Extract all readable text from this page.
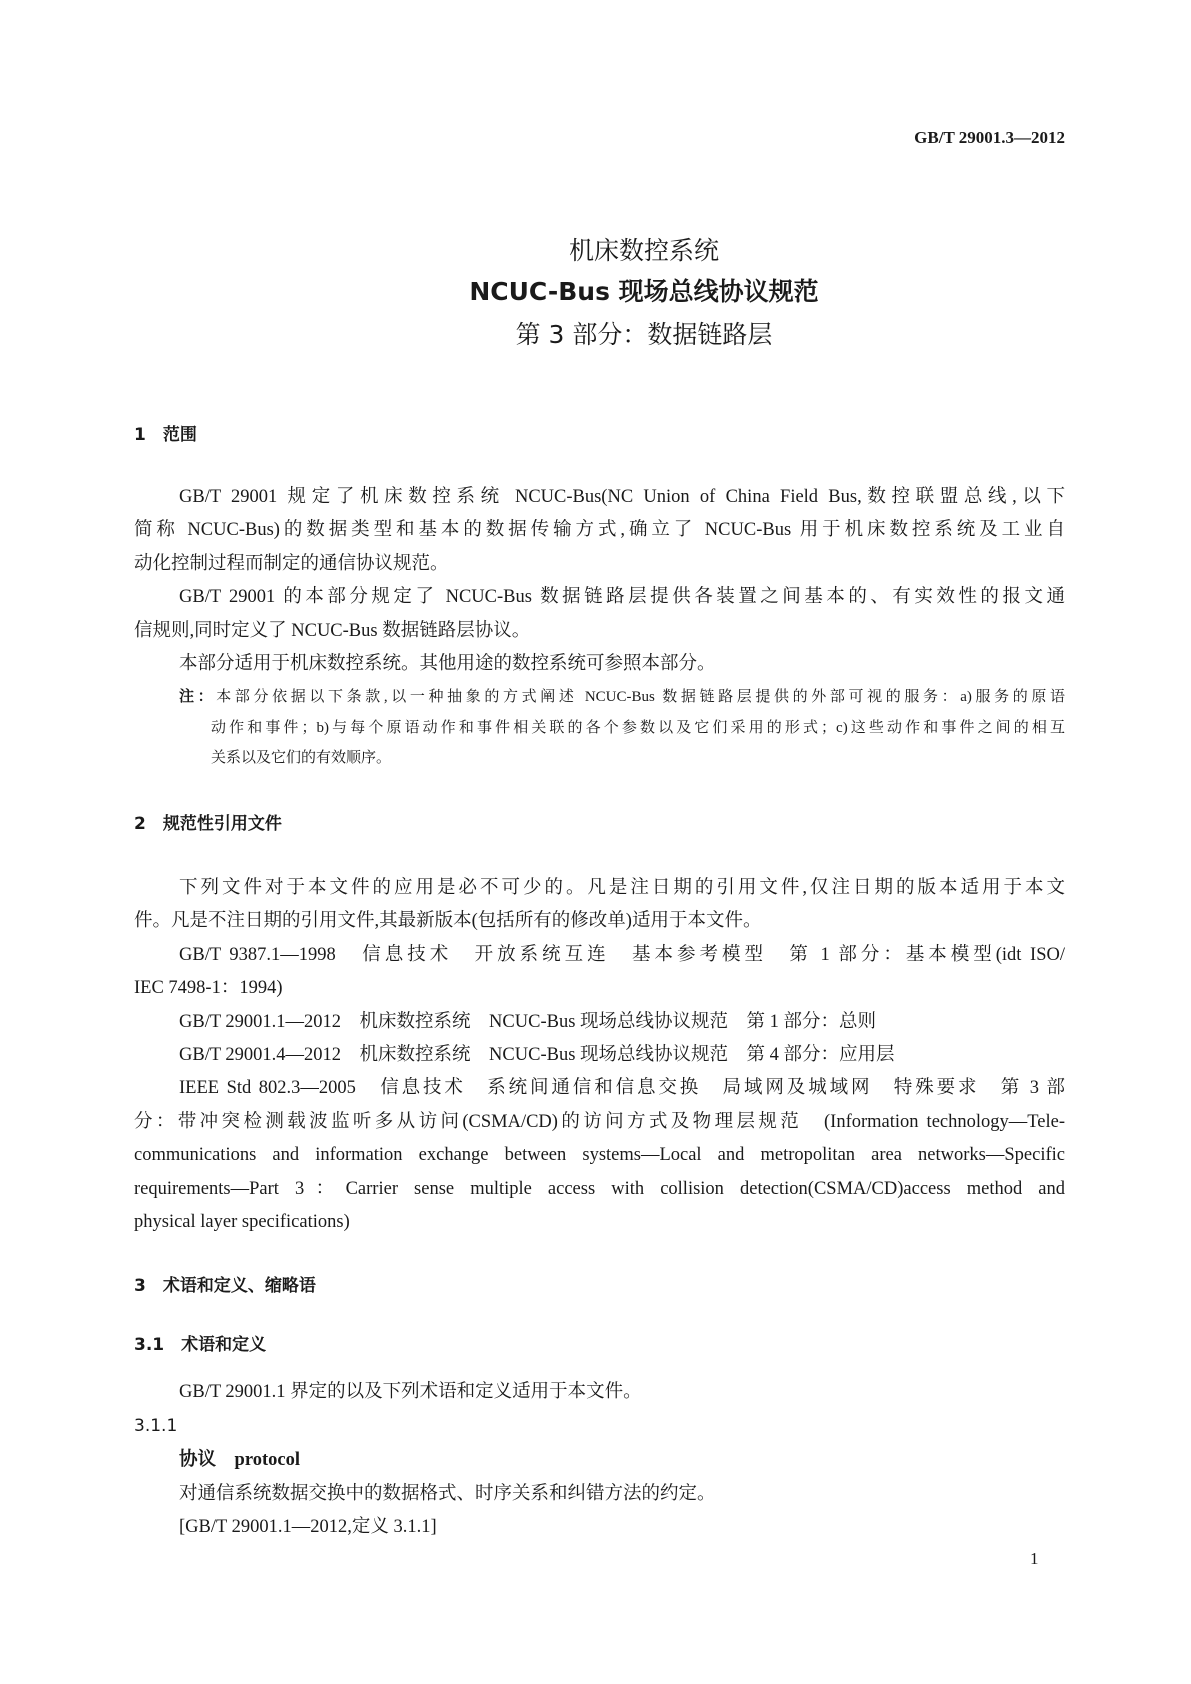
GB/T 29001.3—2012
机床数控系统
NCUC-Bus 现场总线协议规范
第 3 部分：数据链路层
1　范围
GB/T 29001 规定了机床数控系统 NCUC-Bus(NC Union of China Field Bus,数控联盟总线,以下
简称 NCUC-Bus)的数据类型和基本的数据传输方式,确立了 NCUC-Bus 用于机床数控系统及工业自
动化控制过程而制定的通信协议规范。
GB/T 29001 的本部分规定了 NCUC-Bus 数据链路层提供各装置之间基本的、有实效性的报文通
信规则,同时定义了 NCUC-Bus 数据链路层协议。
本部分适用于机床数控系统。其他用途的数控系统可参照本部分。
注：本部分依据以下条款,以一种抽象的方式阐述 NCUC-Bus 数据链路层提供的外部可视的服务：a)服务的原语
动作和事件；b)与每个原语动作和事件相关联的各个参数以及它们采用的形式；c)这些动作和事件之间的相互
关系以及它们的有效顺序。
2　规范性引用文件
下列文件对于本文件的应用是必不可少的。凡是注日期的引用文件,仅注日期的版本适用于本文
件。凡是不注日期的引用文件,其最新版本(包括所有的修改单)适用于本文件。
GB/T 9387.1—1998　信息技术　开放系统互连　基本参考模型　第 1 部分：基本模型(idt ISO/
IEC 7498-1：1994)
GB/T 29001.1—2012　机床数控系统　NCUC-Bus 现场总线协议规范　第 1 部分：总则
GB/T 29001.4—2012　机床数控系统　NCUC-Bus 现场总线协议规范　第 4 部分：应用层
IEEE Std 802.3—2005　信息技术　系统间通信和信息交换　局域网及城域网　特殊要求　第 3 部
分：带冲突检测载波监听多从访问(CSMA/CD)的访问方式及物理层规范　(Information technology—Tele-
communications and information exchange between systems—Local and metropolitan area networks—Specific
requirements—Part 3：Carrier sense multiple access with collision detection(CSMA/CD)access method and
physical layer specifications)
3　术语和定义、缩略语
3.1　术语和定义
GB/T 29001.1 界定的以及下列术语和定义适用于本文件。
3.1.1
协议　 protocol
对通信系统数据交换中的数据格式、时序关系和纠错方法的约定。
[GB/T 29001.1—2012,定义 3.1.1]
1
